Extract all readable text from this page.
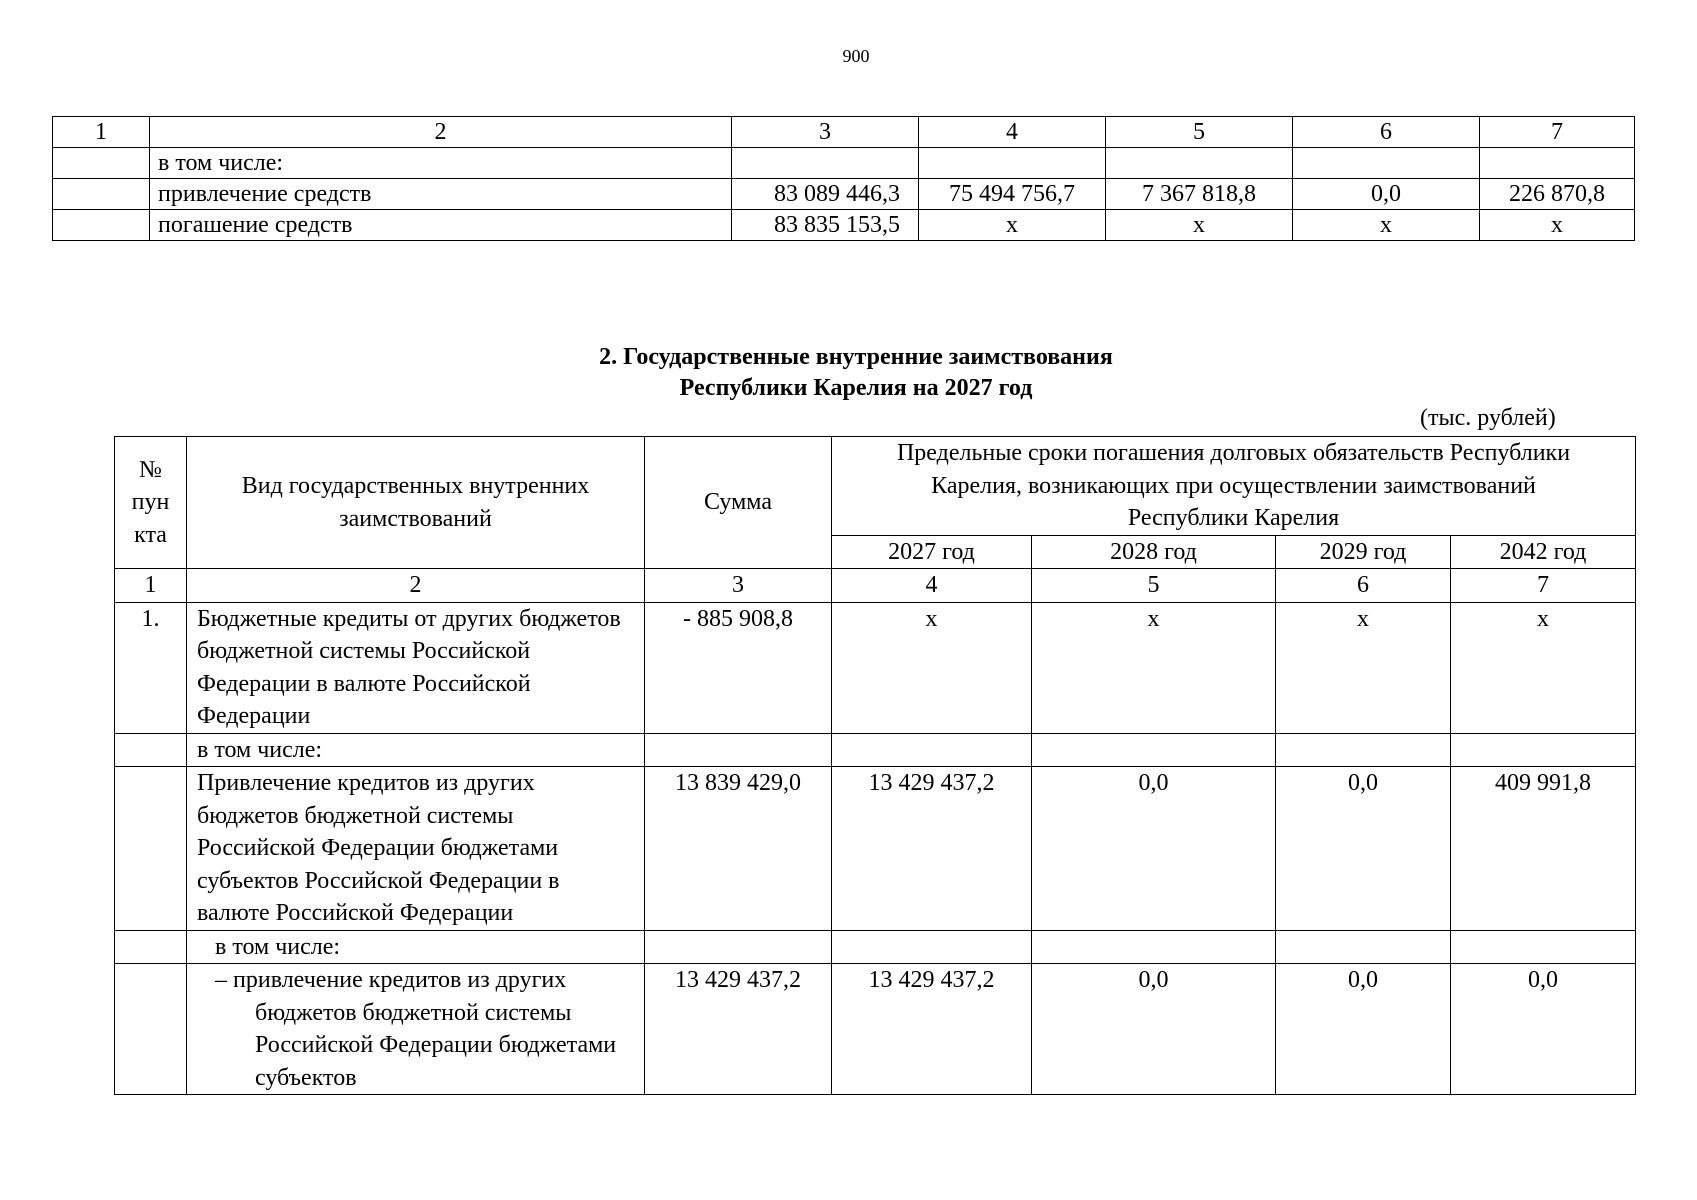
900
1	2	3	4	5	6	7
	в том числе:					
	привлечение средств	83 089 446,3	75 494 756,7	7 367 818,8	0,0	226 870,8
	погашение средств	83 835 153,5	x	x	x	x
2. Государственные внутренние заимствования
Республики Карелия на 2027 год
(тыс. рублей)
№
пун
кта	Вид государственных внутренних заимствований	Сумма	Предельные сроки погашения долговых обязательств Республики Карелия, возникающих при осуществлении заимствований Республики Карелия			
			2027 год	2028 год	2029 год	2042 год
1	2	3	4	5	6	7
1.	Бюджетные кредиты от других бюджетов бюджетной системы Российской Федерации в валюте Российской Федерации	- 885 908,8	x	x	x	x
	в том числе:					
	Привлечение кредитов из других бюджетов бюджетной системы Российской Федерации бюджетами субъектов Российской Федерации в валюте Российской Федерации	13 839 429,0	13 429 437,2	0,0	0,0	409 991,8
	в том числе:					

	– привлечение кредитов из других бюджетов бюджетной системы Российской Федерации бюджетами субъектов	13 429 437,2	13 429 437,2	0,0	0,0	0,0
